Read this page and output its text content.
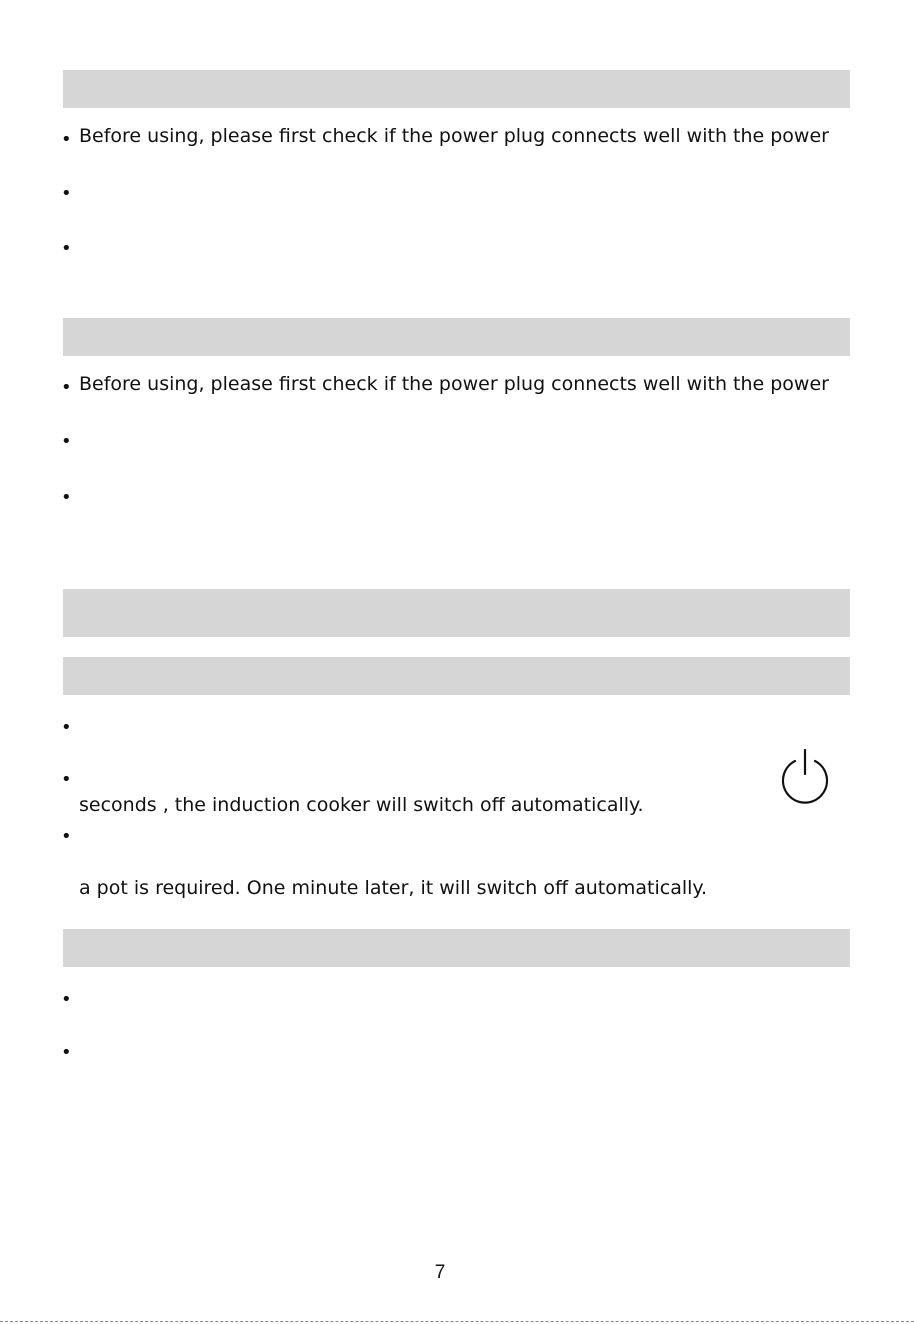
• Before using, please first check if the power plug connects well with the power
•
•
• Before using, please first check if the power plug connects well with the power
•
•
•
•
seconds , the induction cooker will switch off automatically.
•
a pot is required. One minute later, it will switch off automatically.
•
•
7
